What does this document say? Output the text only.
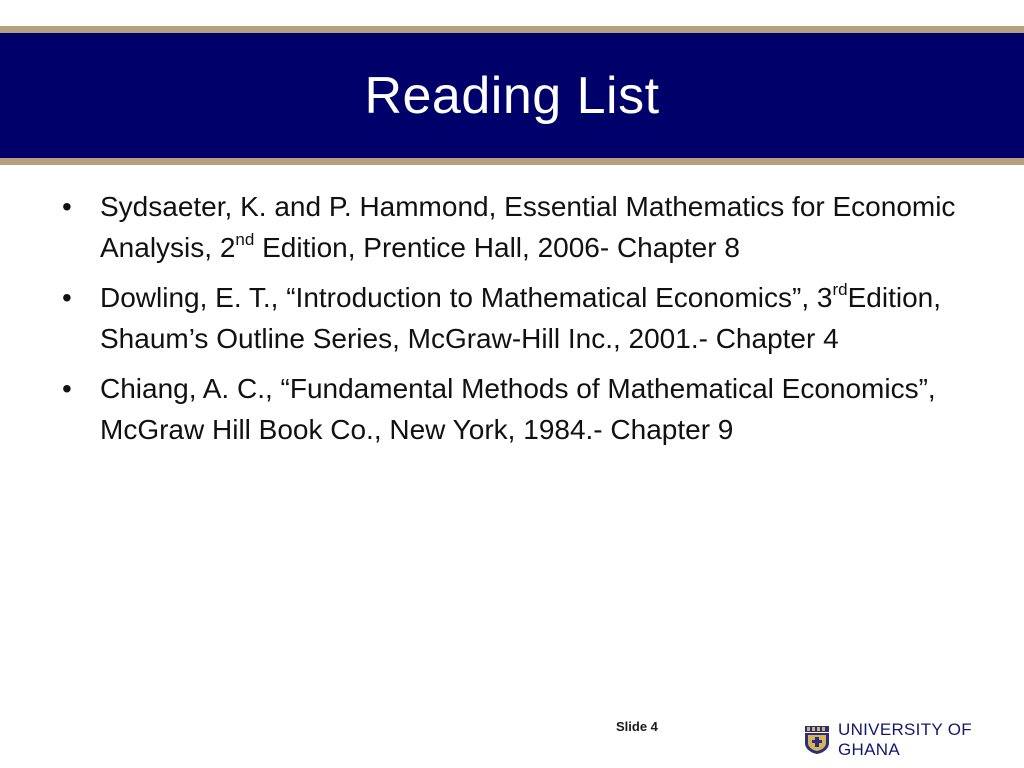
Reading List
• Sydsaeter, K. and P. Hammond, Essential Mathematics for Economic Analysis, 2nd Edition, Prentice Hall, 2006- Chapter 8
• Dowling, E. T., “Introduction to Mathematical Economics”, 3rdEdition, Shaum’s Outline Series, McGraw-Hill Inc., 2001.- Chapter 4
• Chiang, A. C., “Fundamental Methods of Mathematical Economics”, McGraw Hill Book Co., New York, 1984.- Chapter 9
Slide 4	UNIVERSITY OF GHANA
